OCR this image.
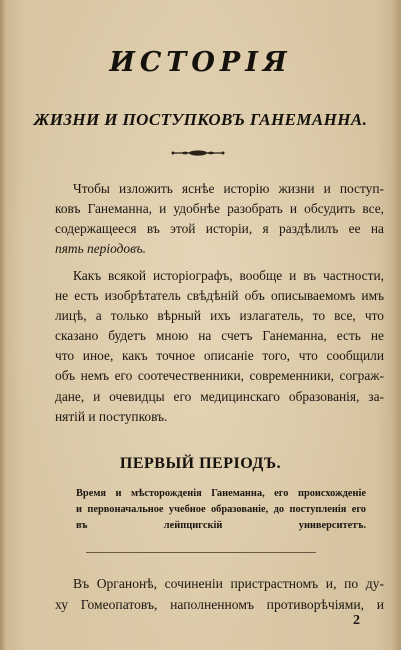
ИСТОРІЯ
ЖИЗНИ И ПОСТУПКОВЪ ГАНЕМАННА.
Чтобы изложить яснѣе исторію жизни и поступ-
ковъ Ганеманна, и удобнѣе разобрать и обсудить все,
содержащееся въ этой исторіи, я раздѣлилъ ее на
пять періодовъ.
Какъ всякой исторіографъ, вообще и въ частности,
не есть изобрѣтатель свѣдѣній объ описываемомъ имъ
лицѣ, а только вѣрный ихъ излагатель, то все, что
сказано будетъ мною на счетъ Ганеманна, есть не
что иное, какъ точное описаніе того, что сообщили
объ немъ его соотечественники, современники, сограж-
дане, и очевидцы его медицинскаго образованія, за-
нятій и поступковъ.
ПЕРВЫЙ ПЕРІОДЪ.
Время и мѣсторожденія Ганеманна, его происхожденіе
и первоначальное учебное образованіе, до поступленія его
въ лейпцигскій университетъ.
Въ Органонѣ, сочиненіи пристрастномъ и, по ду-
ху Гомеопатовъ, наполненномъ противорѣчіями, и
2
